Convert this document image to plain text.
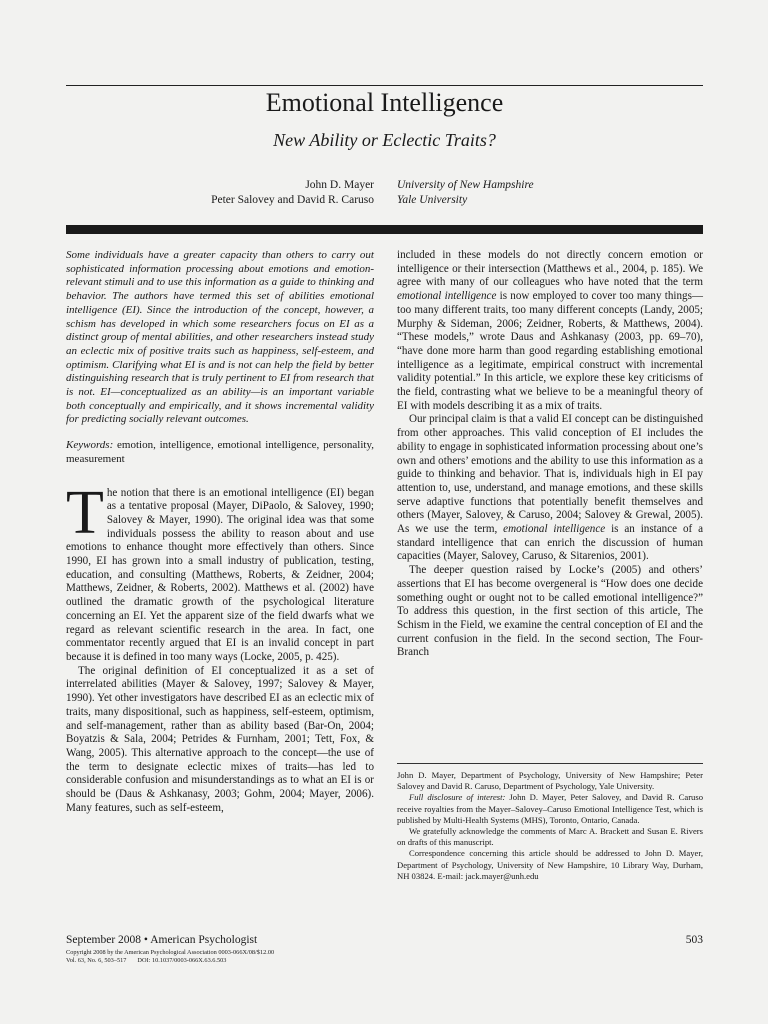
Emotional Intelligence
New Ability or Eclectic Traits?
John D. Mayer
Peter Salovey and David R. Caruso
University of New Hampshire
Yale University

Some individuals have a greater capacity than others to carry out sophisticated information processing about emotions and emotion-relevant stimuli and to use this information as a guide to thinking and behavior. The authors have termed this set of abilities emotional intelligence (EI). Since the introduction of the concept, however, a schism has developed in which some researchers focus on EI as a distinct group of mental abilities, and other researchers instead study an eclectic mix of positive traits such as happiness, self-esteem, and optimism. Clarifying what EI is and is not can help the field by better distinguishing research that is truly pertinent to EI from research that is not. EI—conceptualized as an ability—is an important variable both conceptually and empirically, and it shows incremental validity for predicting socially relevant outcomes.

Keywords: emotion, intelligence, emotional intelligence, personality, measurement

The notion that there is an emotional intelligence (EI) began as a tentative proposal (Mayer, DiPaolo, & Salovey, 1990; Salovey & Mayer, 1990). The original idea was that some individuals possess the ability to reason about and use emotions to enhance thought more effectively than others. Since 1990, EI has grown into a small industry of publication, testing, education, and consulting (Matthews, Roberts, & Zeidner, 2004; Matthews, Zeidner, & Roberts, 2002). Matthews et al. (2002) have outlined the dramatic growth of the psychological literature concerning an EI. Yet the apparent size of the field dwarfs what we regard as relevant scientific research in the area. In fact, one commentator recently argued that EI is an invalid concept in part because it is defined in too many ways (Locke, 2005, p. 425).

The original definition of EI conceptualized it as a set of interrelated abilities (Mayer & Salovey, 1997; Salovey & Mayer, 1990). Yet other investigators have described EI as an eclectic mix of traits, many dispositional, such as happiness, self-esteem, optimism, and self-management, rather than as ability based (Bar-On, 2004; Boyatzis & Sala, 2004; Petrides & Furnham, 2001; Tett, Fox, & Wang, 2005). This alternative approach to the concept—the use of the term to designate eclectic mixes of traits—has led to considerable confusion and misunderstandings as to what an EI is or should be (Daus & Ashkanasy, 2003; Gohm, 2004; Mayer, 2006). Many features, such as self-esteem,

included in these models do not directly concern emotion or intelligence or their intersection (Matthews et al., 2004, p. 185). We agree with many of our colleagues who have noted that the term emotional intelligence is now employed to cover too many things—too many different traits, too many different concepts (Landy, 2005; Murphy & Sideman, 2006; Zeidner, Roberts, & Matthews, 2004). “These models,” wrote Daus and Ashkanasy (2003, pp. 69–70), “have done more harm than good regarding establishing emotional intelligence as a legitimate, empirical construct with incremental validity potential.” In this article, we explore these key criticisms of the field, contrasting what we believe to be a meaningful theory of EI with models describing it as a mix of traits.

Our principal claim is that a valid EI concept can be distinguished from other approaches. This valid conception of EI includes the ability to engage in sophisticated information processing about one’s own and others’ emotions and the ability to use this information as a guide to thinking and behavior. That is, individuals high in EI pay attention to, use, understand, and manage emotions, and these skills serve adaptive functions that potentially benefit themselves and others (Mayer, Salovey, & Caruso, 2004; Salovey & Grewal, 2005). As we use the term, emotional intelligence is an instance of a standard intelligence that can enrich the discussion of human capacities (Mayer, Salovey, Caruso, & Sitarenios, 2001).

The deeper question raised by Locke’s (2005) and others’ assertions that EI has become overgeneral is “How does one decide something ought or ought not to be called emotional intelligence?” To address this question, in the first section of this article, The Schism in the Field, we examine the central conception of EI and the current confusion in the field. In the second section, The Four-Branch

John D. Mayer, Department of Psychology, University of New Hampshire; Peter Salovey and David R. Caruso, Department of Psychology, Yale University.

Full disclosure of interest: John D. Mayer, Peter Salovey, and David R. Caruso receive royalties from the Mayer–Salovey–Caruso Emotional Intelligence Test, which is published by Multi-Health Systems (MHS), Toronto, Ontario, Canada.

We gratefully acknowledge the comments of Marc A. Brackett and Susan E. Rivers on drafts of this manuscript.

Correspondence concerning this article should be addressed to John D. Mayer, Department of Psychology, University of New Hampshire, 10 Library Way, Durham, NH 03824. E-mail: jack.mayer@unh.edu

September 2008 • American Psychologist	503
Copyright 2008 by the American Psychological Association 0003-066X/08/$12.00
Vol. 63, No. 6, 503–517       DOI: 10.1037/0003-066X.63.6.503
